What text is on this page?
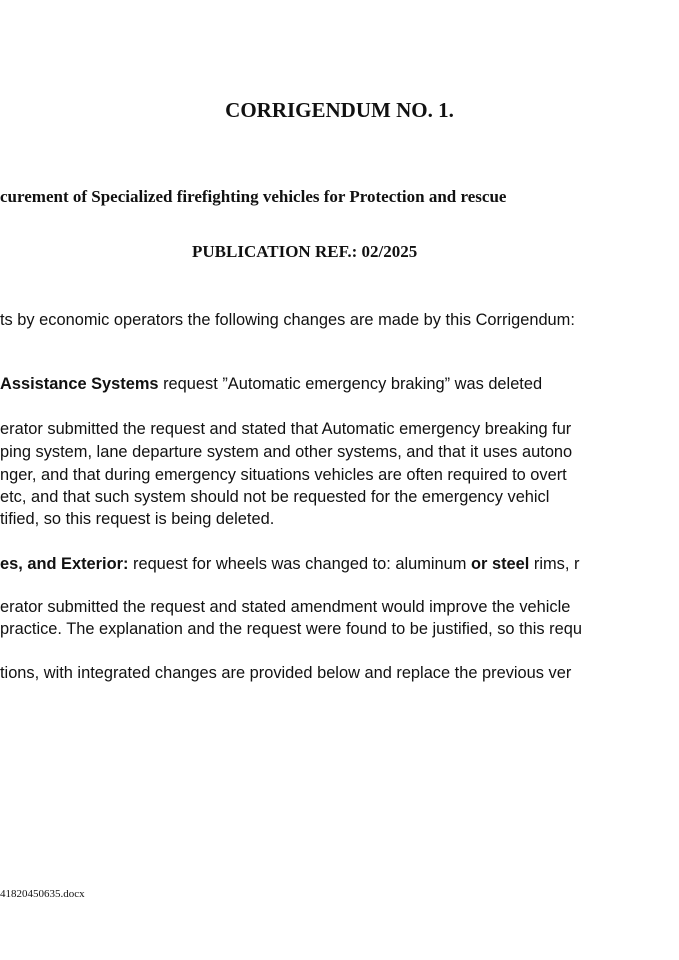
CORRIGENDUM NO. 1.

curement of Specialized firefighting vehicles for Protection and rescue

PUBLICATION REF.: 02/2025

ts by economic operators the following changes are made by this Corrigendum:

Assistance Systems request ”Automatic emergency braking” was deleted

erator submitted the request and stated that Automatic emergency breaking fur

ping system, lane departure system and other systems, and that it uses autono

nger, and that during emergency situations vehicles are often required to overt

etc, and that such system should not be requested for the emergency vehicl

tified, so this request is being deleted.

es, and Exterior: request for wheels was changed to: aluminum or steel rims, r

erator submitted the request and stated amendment would improve the vehicle

practice. The explanation and the request were found to be justified, so this requ

tions, with integrated changes are provided below and replace the previous ver

41820450635.docx
